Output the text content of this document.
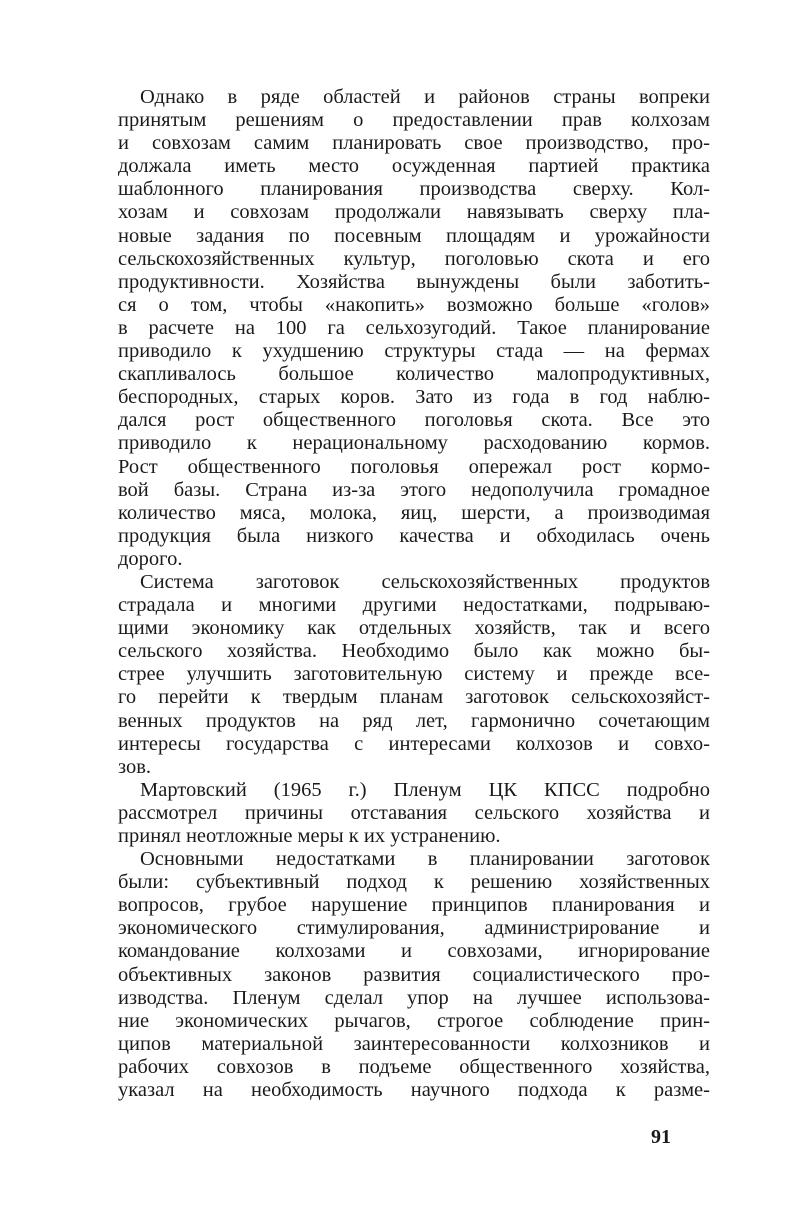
Однако в ряде областей и районов страны вопреки
принятым решениям о предоставлении прав колхозам
и совхозам самим планировать свое производство, про-
должала иметь место осужденная партией практика
шаблонного планирования производства сверху. Кол-
хозам и совхозам продолжали навязывать сверху пла-
новые задания по посевным площадям и урожайности
сельскохозяйственных культур, поголовью скота и его
продуктивности. Хозяйства вынуждены были заботить-
ся о том, чтобы «накопить» возможно больше «голов»
в расчете на 100 га сельхозугодий. Такое планирование
приводило к ухудшению структуры стада — на фермах
скапливалось большое количество малопродуктивных,
беспородных, старых коров. Зато из года в год наблю-
дался рост общественного поголовья скота. Все это
приводило к нерациональному расходованию кормов.
Рост общественного поголовья опережал рост кормо-
вой базы. Страна из-за этого недополучила громадное
количество мяса, молока, яиц, шерсти, а производимая
продукция была низкого качества и обходилась очень
дорого.
Система заготовок сельскохозяйственных продуктов
страдала и многими другими недостатками, подрываю-
щими экономику как отдельных хозяйств, так и всего
сельского хозяйства. Необходимо было как можно бы-
стрее улучшить заготовительную систему и прежде все-
го перейти к твердым планам заготовок сельскохозяйст-
венных продуктов на ряд лет, гармонично сочетающим
интересы государства с интересами колхозов и совхо-
зов.
Мартовский (1965 г.) Пленум ЦК КПСС подробно
рассмотрел причины отставания сельского хозяйства и
принял неотложные меры к их устранению.
Основными недостатками в планировании заготовок
были: субъективный подход к решению хозяйственных
вопросов, грубое нарушение принципов планирования и
экономического стимулирования, администрирование и
командование колхозами и совхозами, игнорирование
объективных законов развития социалистического про-
изводства. Пленум сделал упор на лучшее использова-
ние экономических рычагов, строгое соблюдение прин-
ципов материальной заинтересованности колхозников и
рабочих совхозов в подъеме общественного хозяйства,
указал на необходимость научного подхода к разме-
91
